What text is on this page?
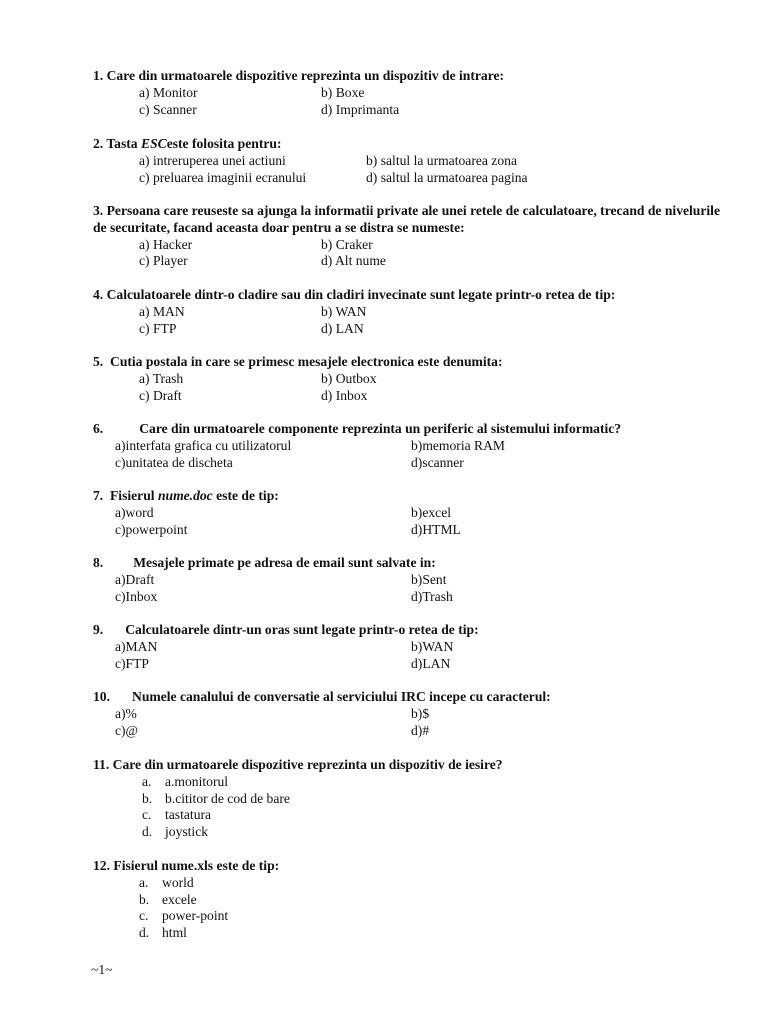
1. Care din urmatoarele dispozitive reprezinta un dispozitiv de intrare:
a) Monitor	b) Boxe
c) Scanner	d) Imprimanta
2. Tasta ESCeste folosita pentru:
a) intreruperea unei actiuni	b) saltul la urmatoarea zona
c) preluarea imaginii ecranului	d) saltul la urmatoarea pagina
3. Persoana care reuseste sa ajunga la informatii private ale unei retele de calculatoare, trecand de nivelurile de securitate, facand aceasta doar pentru a se distra se numeste:
a) Hacker	b) Craker
c) Player	d) Alt nume
4. Calculatoarele dintr-o cladire sau din cladiri invecinate sunt legate printr-o retea de tip:
a) MAN	b) WAN
c) FTP	d) LAN
5. Cutia postala in care se primesc mesajele electronica este denumita:
a) Trash	b) Outbox
c) Draft	d) Inbox
6.	Care din urmatoarele componente reprezinta un periferic al sistemului informatic?
a)interfata grafica cu utilizatorul	b)memoria RAM
c)unitatea de discheta	d)scanner
7. Fisierul nume.doc este de tip:
a)word	b)excel
c)powerpoint	d)HTML
8. Mesajele primate pe adresa de email sunt salvate in:
a)Draft	b)Sent
c)Inbox	d)Trash
9. Calculatoarele dintr-un oras sunt legate printr-o retea de tip:
a)MAN	b)WAN
c)FTP	d)LAN
10. Numele canalului de conversatie al serviciului IRC incepe cu caracterul:
a)%	b)$
c)@	d)#
11. Care din urmatoarele dispozitive reprezinta un dispozitiv de iesire?
a. a.monitorul
b. b.cititor de cod de bare
c. tastatura
d. joystick
12. Fisierul nume.xls este de tip:
a. world
b. excele
c. power-point
d. html
~1~
